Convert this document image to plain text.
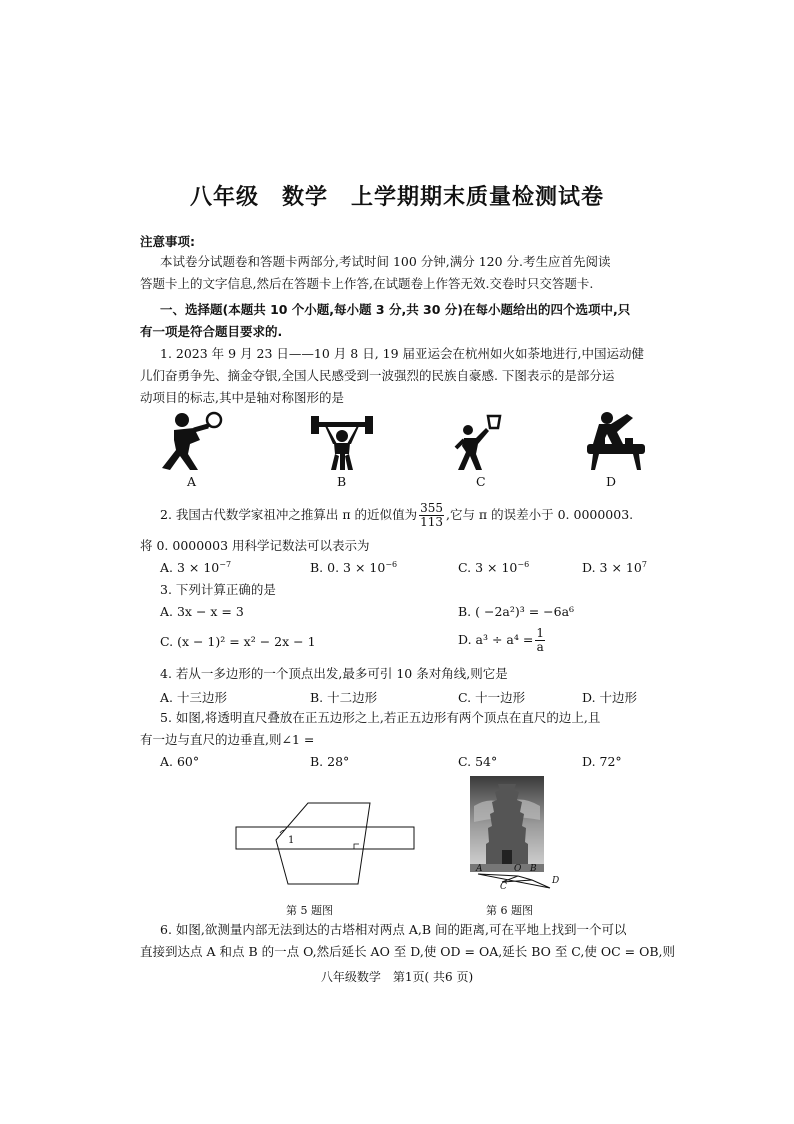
八年级　数学　上学期期末质量检测试卷
注意事项:
本试卷分试题卷和答题卡两部分,考试时间 100 分钟,满分 120 分.考生应首先阅读
答题卡上的文字信息,然后在答题卡上作答,在试题卷上作答无效.交卷时只交答题卡.
一、选择题(本题共 10 个小题,每小题 3 分,共 30 分)在每小题给出的四个选项中,只
有一项是符合题目要求的.
1. 2023 年 9 月 23 日——10 月 8 日, 19 届亚运会在杭州如火如荼地进行,中国运动健
儿们奋勇争先、摘金夺银,全国人民感受到一波强烈的民族自豪感. 下图表示的是部分运
动项目的标志,其中是轴对称图形的是
A	B	C	D
2. 我国古代数学家祖冲之推算出 π 的近似值为 $\frac{355}{113}$ ,它与 π 的误差小于 0. 0000003.
将 0. 0000003 用科学记数法可以表示为
A. $3 \times 10^{-7}$	B. 0. $3 \times 10^{-6}$	C. $3 \times 10^{-6}$	D. $3 \times 10^7$
3. 下列计算正确的是
A. 3x − x = 3	B. ( −2a²)³ = −6a⁶
C. (x − 1)² = x² − 2x − 1	D. $a^3 \div a^4 = \frac{1}{a}$
4. 若从一多边形的一个顶点出发,最多可引 10 条对角线,则它是
A. 十三边形	B. 十二边形	C. 十一边形	D. 十边形
5. 如图,将透明直尺叠放在正五边形之上,若正五边形有两个顶点在直尺的边上,且
有一边与直尺的边垂直,则∠1 =
A. 60°	B. 28°	C. 54°	D. 72°
1
第 5 题图
A	O B
C
D
第 6 题图
6. 如图,欲测量内部无法到达的古塔相对两点 A,B 间的距离,可在平地上找到一个可以
直接到达点 A 和点 B 的一点 O,然后延长 AO 至 D,使 OD = OA,延长 BO 至 C,使 OC = OB,则
八年级数学　第1页( 共6 页)
